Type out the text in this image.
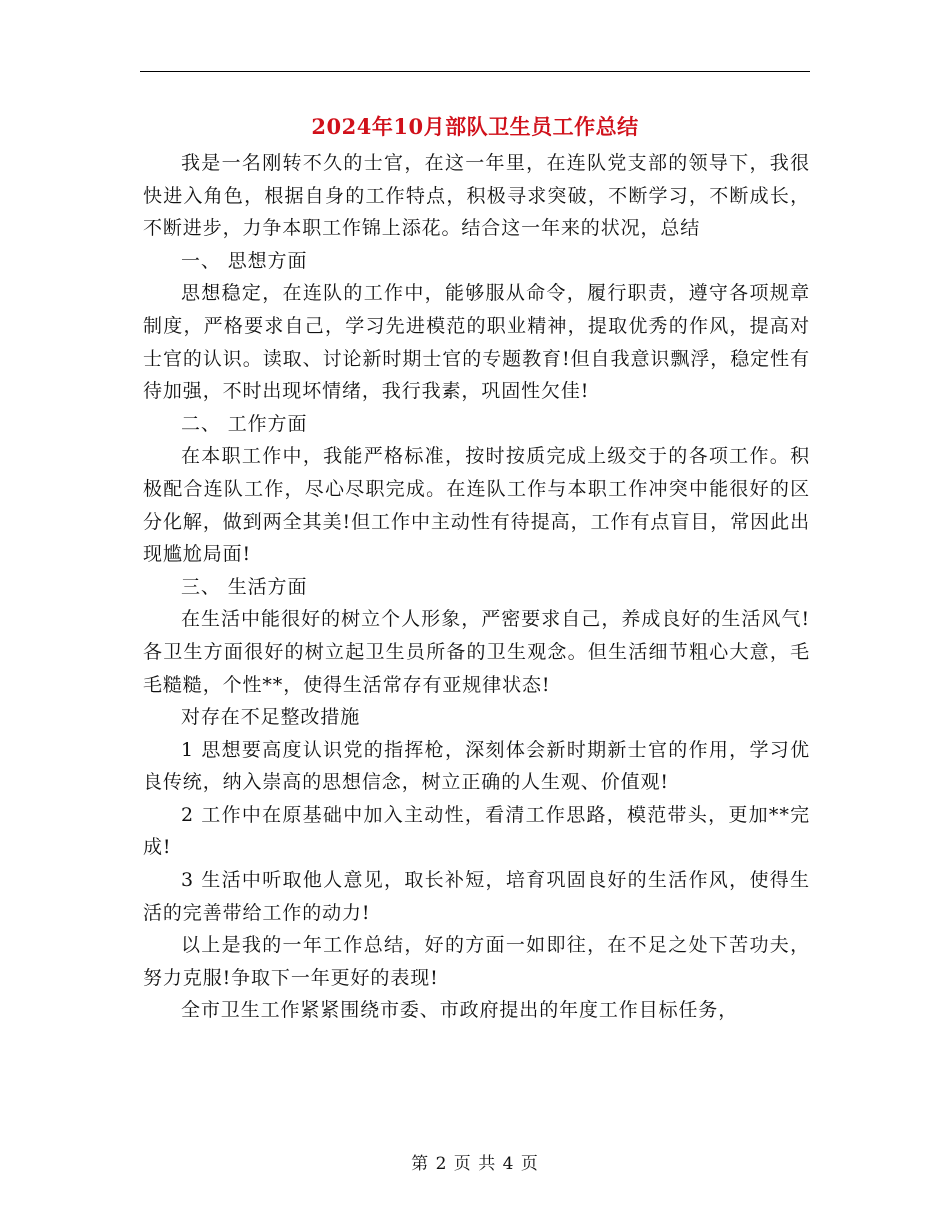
2024年10月部队卫生员工作总结

我是一名刚转不久的士官，在这一年里，在连队党支部的领导下，我很快进入角色，根据自身的工作特点，积极寻求突破，不断学习，不断成长，不断进步，力争本职工作锦上添花。结合这一年来的状况，总结

一、 思想方面

思想稳定，在连队的工作中，能够服从命令，履行职责，遵守各项规章制度，严格要求自己，学习先进模范的职业精神，提取优秀的作风，提高对士官的认识。读取、讨论新时期士官的专题教育!但自我意识飘浮，稳定性有待加强，不时出现坏情绪，我行我素，巩固性欠佳!

二、 工作方面

在本职工作中，我能严格标准，按时按质完成上级交于的各项工作。积极配合连队工作，尽心尽职完成。在连队工作与本职工作冲突中能很好的区分化解，做到两全其美!但工作中主动性有待提高，工作有点盲目，常因此出现尴尬局面!

三、 生活方面

在生活中能很好的树立个人形象，严密要求自己，养成良好的生活风气!各卫生方面很好的树立起卫生员所备的卫生观念。但生活细节粗心大意，毛毛糙糙，个性**，使得生活常存有亚规律状态!

对存在不足整改措施

1 思想要高度认识党的指挥枪，深刻体会新时期新士官的作用，学习优良传统，纳入崇高的思想信念，树立正确的人生观、价值观!

2 工作中在原基础中加入主动性，看清工作思路，模范带头，更加**完成!

3 生活中听取他人意见，取长补短，培育巩固良好的生活作风，使得生活的完善带给工作的动力!

以上是我的一年工作总结，好的方面一如即往，在不足之处下苦功夫，努力克服!争取下一年更好的表现!

全市卫生工作紧紧围绕市委、市政府提出的年度工作目标任务，

第 2 页 共 4 页
